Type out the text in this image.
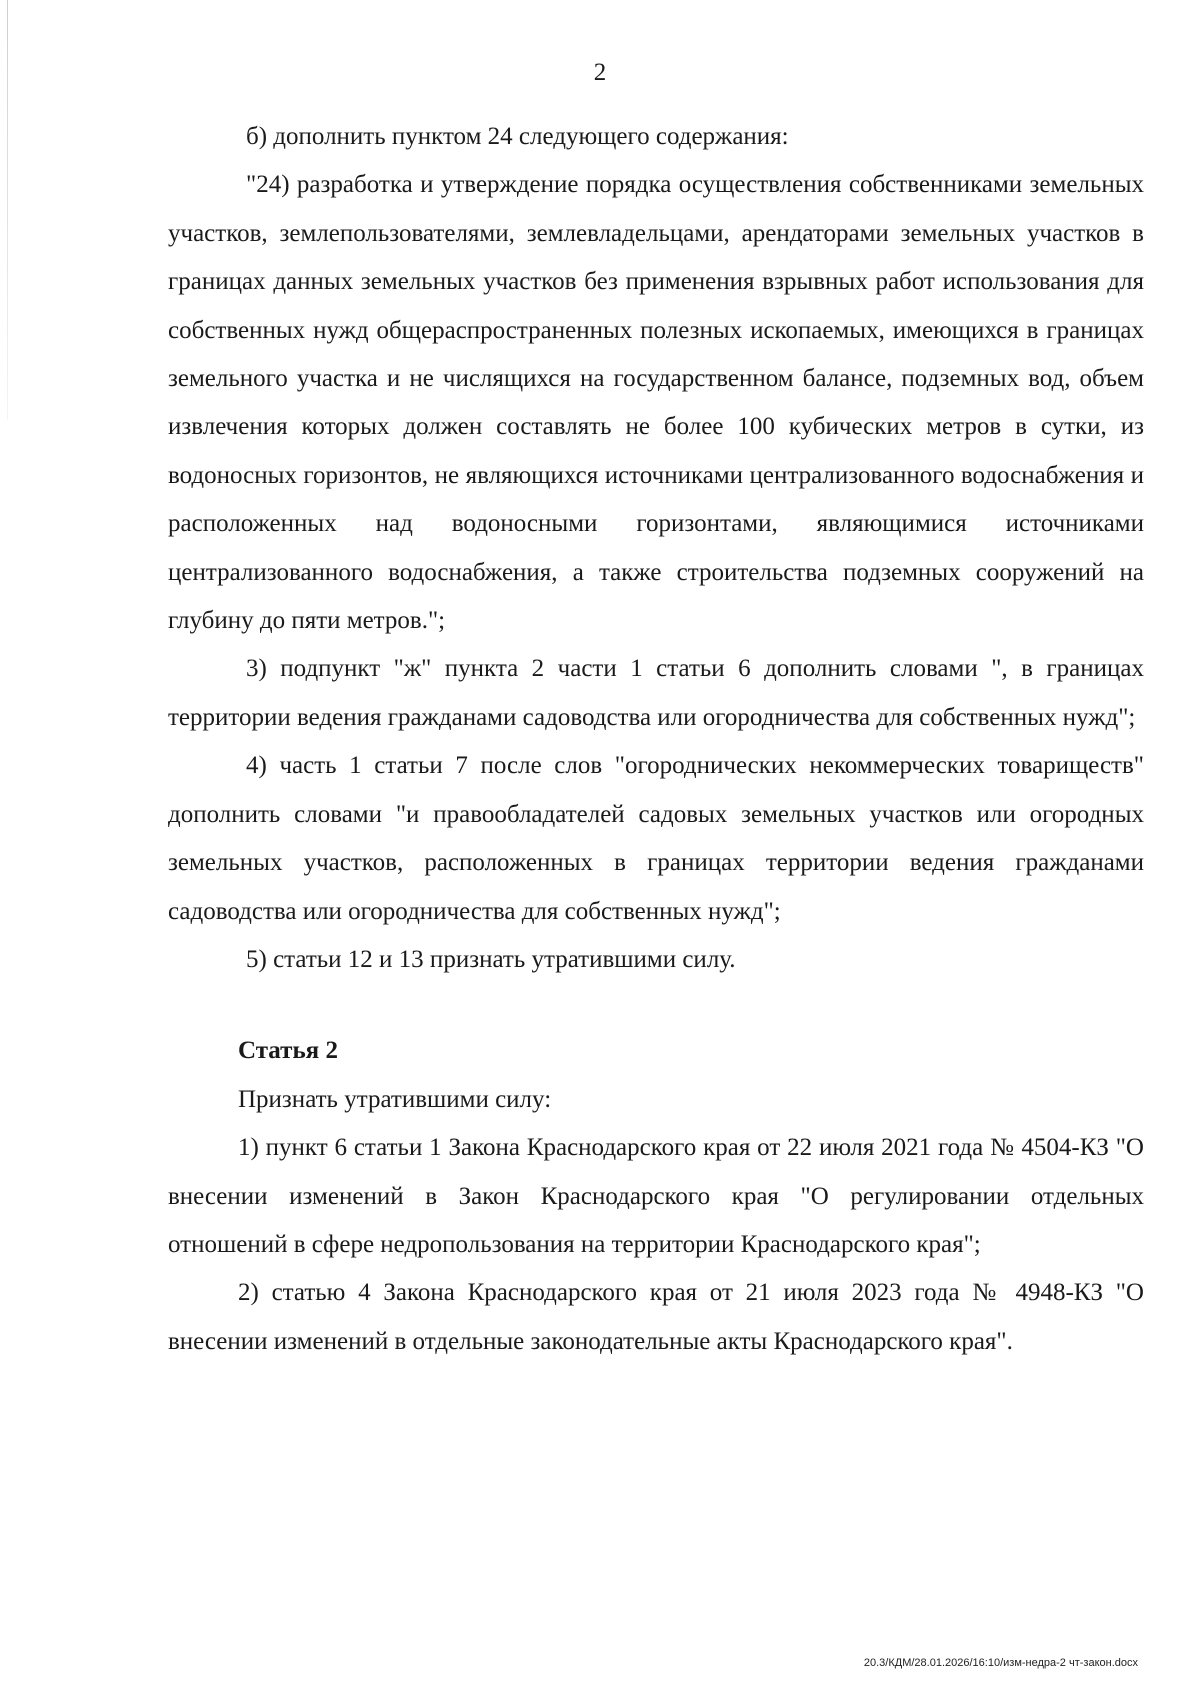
2

б) дополнить пунктом 24 следующего содержания:

"24) разработка и утверждение порядка осуществления собственниками земельных участков, землепользователями, землевладельцами, арендаторами земельных участков в границах данных земельных участков без применения взрывных работ использования для собственных нужд общераспространенных полезных ископаемых, имеющихся в границах земельного участка и не числящихся на государственном балансе, подземных вод, объем извлечения которых должен составлять не более 100 кубических метров в сутки, из водоносных горизонтов, не являющихся источниками централизованного водоснабжения и расположенных над водоносными горизонтами, являющимися источниками централизованного водоснабжения, а также строительства подземных сооружений на глубину до пяти метров.";

3) подпункт "ж" пункта 2 части 1 статьи 6 дополнить словами ", в границах территории ведения гражданами садоводства или огородничества для собственных нужд";

4) часть 1 статьи 7 после слов "огороднических некоммерческих товариществ" дополнить словами "и правообладателей садовых земельных участков или огородных земельных участков, расположенных в границах территории ведения гражданами садоводства или огородничества для собственных нужд";

5) статьи 12 и 13 признать утратившими силу.

Статья 2

Признать утратившими силу:

1) пункт 6 статьи 1 Закона Краснодарского края от 22 июля 2021 года № 4504-КЗ "О внесении изменений в Закон Краснодарского края "О регулировании отдельных отношений в сфере недропользования на территории Краснодарского края";

2) статью 4 Закона Краснодарского края от 21 июля 2023 года № 4948-КЗ "О внесении изменений в отдельные законодательные акты Краснодарского края".

20.3/КДМ/28.01.2026/16:10/изм-недра-2 чт-закон.docx
